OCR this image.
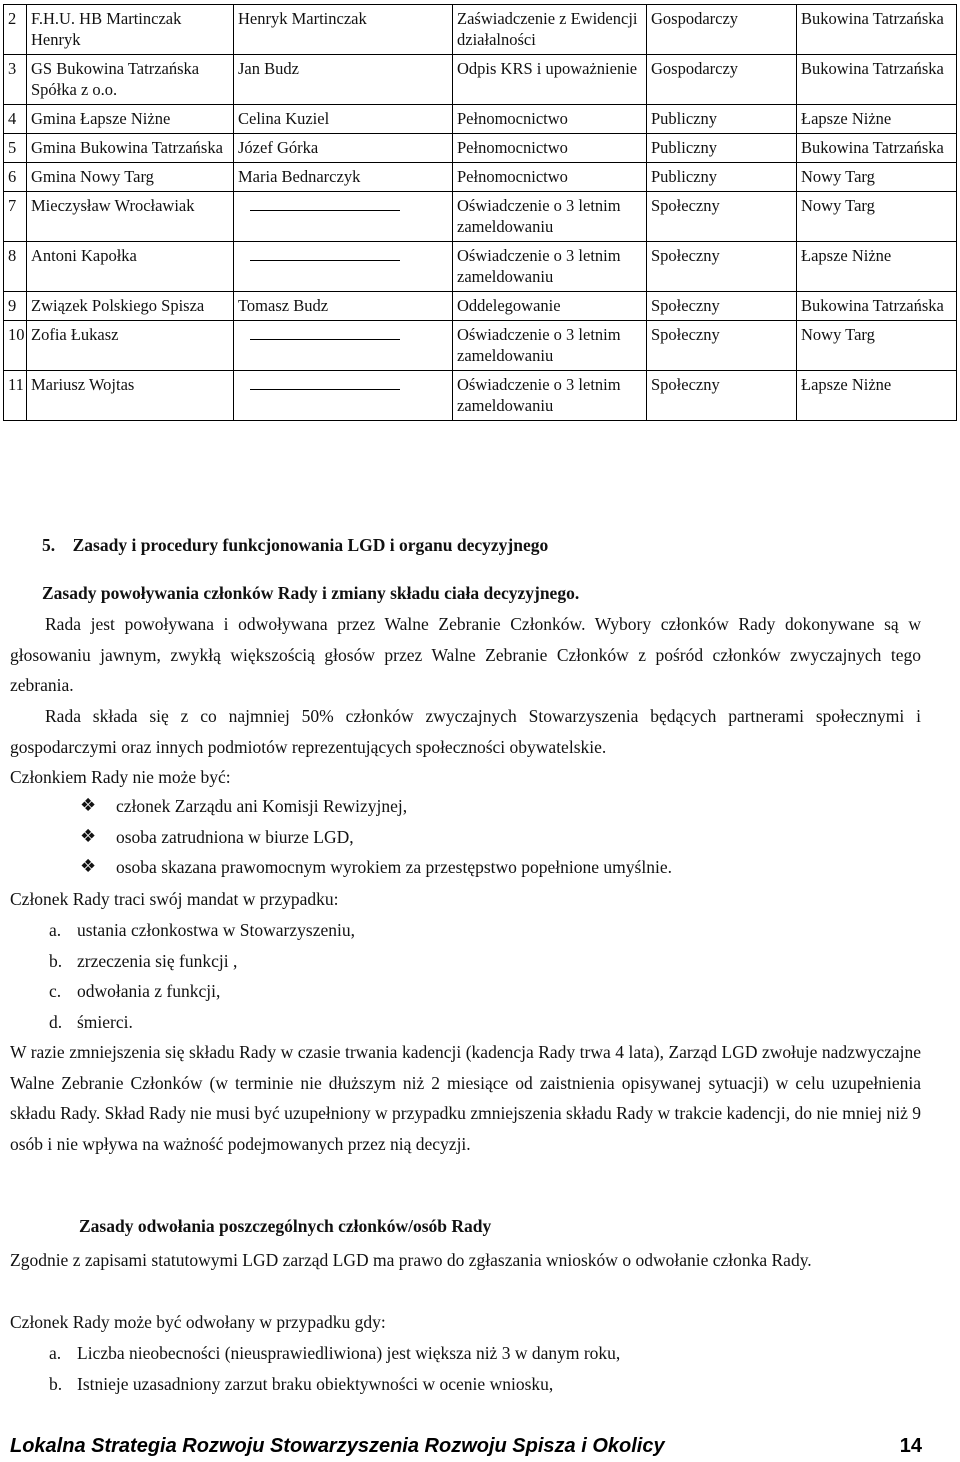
2	F.H.U. HB Martinczak Henryk	Henryk Martinczak	Zaświadczenie z Ewidencji działalności	Gospodarczy	Bukowina Tatrzańska
3	GS Bukowina Tatrzańska Spółka z o.o.	Jan Budz	Odpis KRS i upoważnienie	Gospodarczy	Bukowina Tatrzańska
4	Gmina Łapsze Niżne	Celina Kuziel	Pełnomocnictwo	Publiczny	Łapsze Niżne
5	Gmina Bukowina Tatrzańska	Józef Górka	Pełnomocnictwo	Publiczny	Bukowina Tatrzańska
6	Gmina Nowy Targ	Maria Bednarczyk	Pełnomocnictwo	Publiczny	Nowy Targ
7	Mieczysław Wrocławiak		Oświadczenie o 3 letnim zameldowaniu	Społeczny	Nowy Targ
8	Antoni Kapołka		Oświadczenie o 3 letnim zameldowaniu	Społeczny	Łapsze Niżne
9	Związek Polskiego Spisza	Tomasz Budz	Oddelegowanie	Społeczny	Bukowina Tatrzańska
10	Zofia Łukasz		Oświadczenie o 3 letnim zameldowaniu	Społeczny	Nowy Targ
11	Mariusz Wojtas		Oświadczenie o 3 letnim zameldowaniu	Społeczny	Łapsze Niżne
5. Zasady i procedury funkcjonowania LGD i organu decyzyjnego
Zasady powoływania członków Rady i zmiany składu ciała decyzyjnego.
Rada jest powoływana i odwoływana przez Walne Zebranie Członków. Wybory członków Rady dokonywane są w głosowaniu jawnym, zwykłą większością głosów przez Walne Zebranie Członków z pośród członków zwyczajnych tego zebrania.
Rada składa się z co najmniej 50% członków zwyczajnych Stowarzyszenia będących partnerami społecznymi i gospodarczymi oraz innych podmiotów reprezentujących społeczności obywatelskie.
Członkiem Rady nie może być:
❖ członek Zarządu ani Komisji Rewizyjnej,
❖ osoba zatrudniona w biurze LGD,
❖ osoba skazana prawomocnym wyrokiem za przestępstwo popełnione umyślnie.
Członek Rady traci swój mandat w przypadku:
a. ustania członkostwa w Stowarzyszeniu,
b. zrzeczenia się funkcji ,
c. odwołania z funkcji,
d. śmierci.
W razie zmniejszenia się składu Rady w czasie trwania kadencji (kadencja Rady trwa 4 lata), Zarząd LGD zwołuje nadzwyczajne Walne Zebranie Członków (w terminie nie dłuższym niż 2 miesiące od zaistnienia opisywanej sytuacji) w celu uzupełnienia składu Rady. Skład Rady nie musi być uzupełniony w przypadku zmniejszenia składu Rady w trakcie kadencji, do nie mniej niż 9 osób i nie wpływa na ważność podejmowanych przez nią decyzji.
Zasady odwołania poszczególnych członków/osób Rady
Zgodnie z zapisami statutowymi LGD zarząd LGD ma prawo do zgłaszania wniosków o odwołanie członka Rady.
Członek Rady może być odwołany w przypadku gdy:
a. Liczba nieobecności (nieusprawiedliwiona) jest większa niż 3 w danym roku,
b. Istnieje uzasadniony zarzut braku obiektywności w ocenie wniosku,
Lokalna Strategia Rozwoju Stowarzyszenia Rozwoju Spisza i Okolicy	14
